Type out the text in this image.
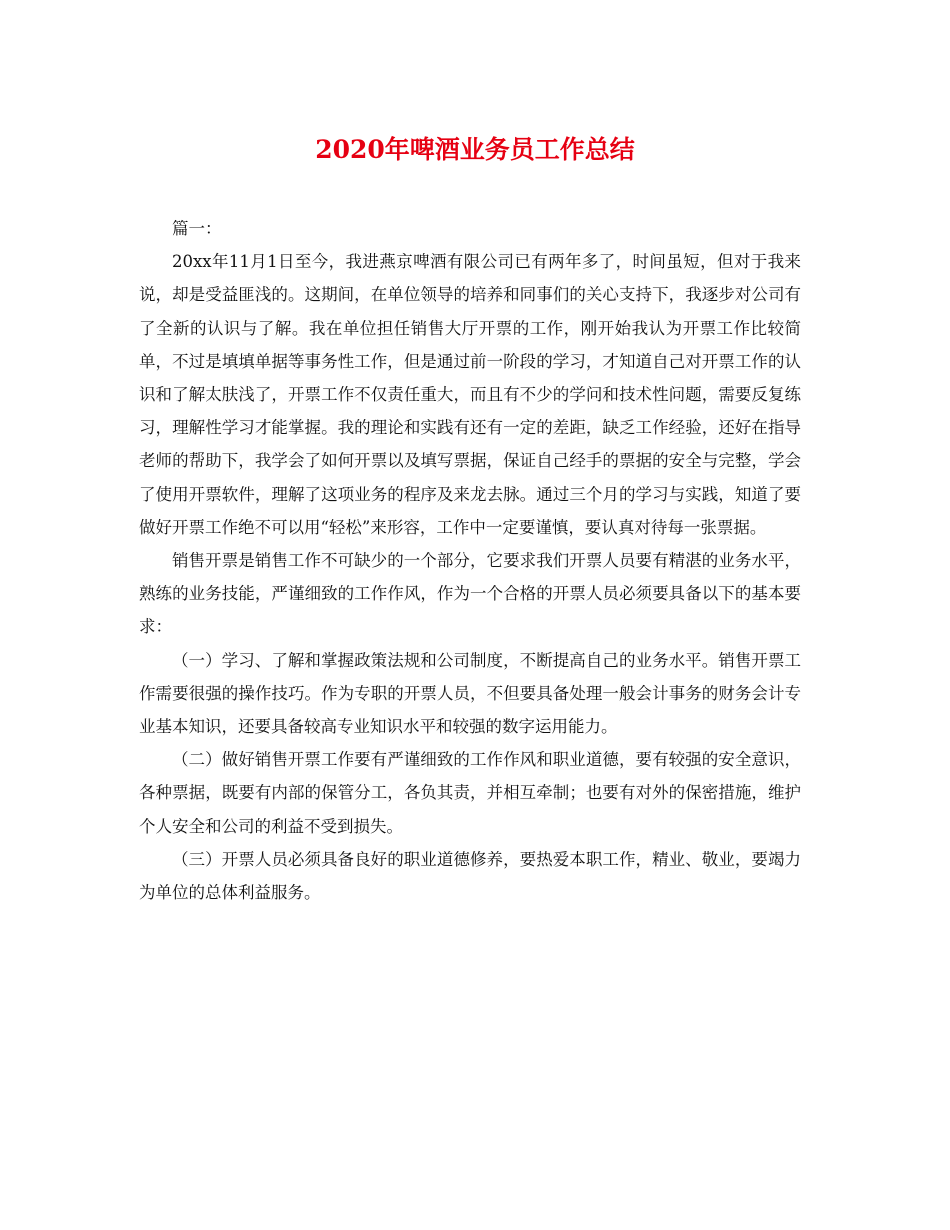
2020年啤酒业务员工作总结

篇一：

20xx年11月1日至今，我进燕京啤酒有限公司已有两年多了，时间虽短，但对于我来说，却是受益匪浅的。这期间，在单位领导的培养和同事们的关心支持下，我逐步对公司有了全新的认识与了解。我在单位担任销售大厅开票的工作，刚开始我认为开票工作比较简单，不过是填填单据等事务性工作，但是通过前一阶段的学习，才知道自己对开票工作的认识和了解太肤浅了，开票工作不仅责任重大，而且有不少的学问和技术性问题，需要反复练习，理解性学习才能掌握。我的理论和实践有还有一定的差距，缺乏工作经验，还好在指导老师的帮助下，我学会了如何开票以及填写票据，保证自己经手的票据的安全与完整，学会了使用开票软件，理解了这项业务的程序及来龙去脉。通过三个月的学习与实践，知道了要做好开票工作绝不可以用“轻松”来形容，工作中一定要谨慎，要认真对待每一张票据。

销售开票是销售工作不可缺少的一个部分，它要求我们开票人员要有精湛的业务水平，熟练的业务技能，严谨细致的工作作风，作为一个合格的开票人员必须要具备以下的基本要求：

（一）学习、了解和掌握政策法规和公司制度，不断提高自己的业务水平。销售开票工作需要很强的操作技巧。作为专职的开票人员，不但要具备处理一般会计事务的财务会计专业基本知识，还要具备较高专业知识水平和较强的数字运用能力。

（二）做好销售开票工作要有严谨细致的工作作风和职业道德，要有较强的安全意识，各种票据，既要有内部的保管分工，各负其责，并相互牵制；也要有对外的保密措施，维护个人安全和公司的利益不受到损失。

（三）开票人员必须具备良好的职业道德修养，要热爱本职工作，精业、敬业，要竭力为单位的总体利益服务。
